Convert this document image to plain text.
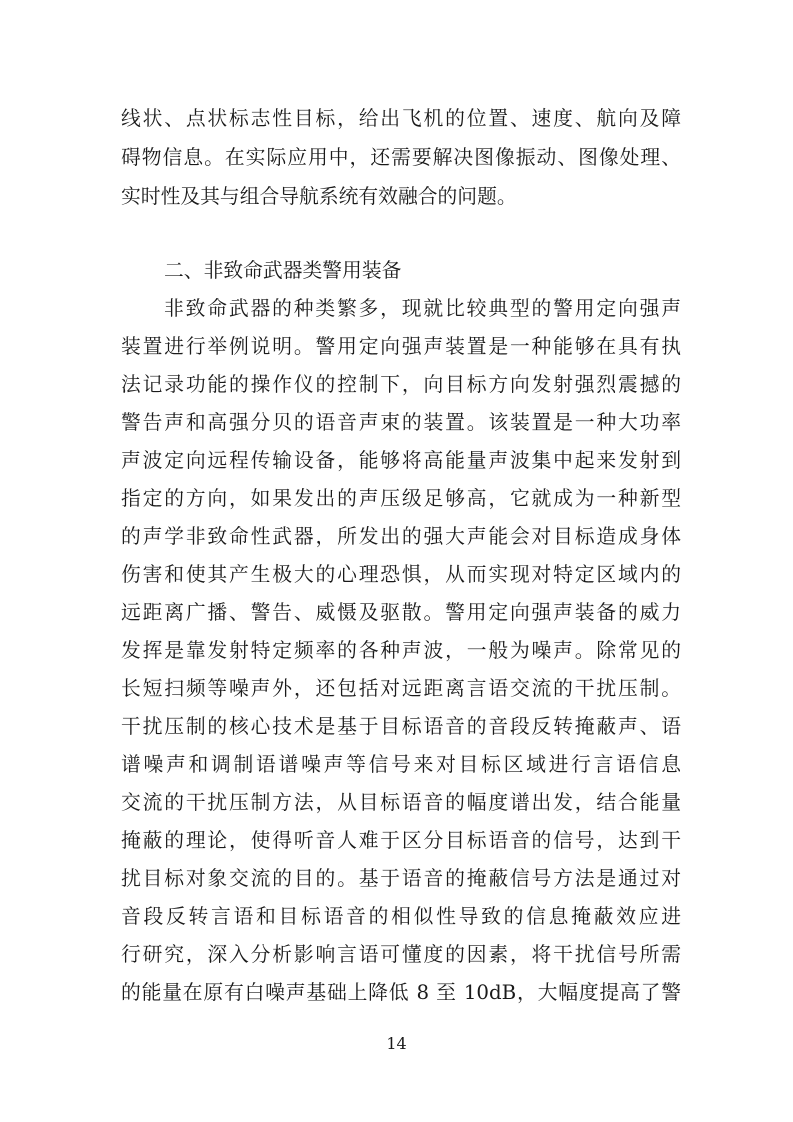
线状、点状标志性目标，给出飞机的位置、速度、航向及障
碍物信息。在实际应用中，还需要解决图像振动、图像处理、
实时性及其与组合导航系统有效融合的问题。
二、非致命武器类警用装备
非致命武器的种类繁多，现就比较典型的警用定向强声
装置进行举例说明。警用定向强声装置是一种能够在具有执
法记录功能的操作仪的控制下，向目标方向发射强烈震撼的
警告声和高强分贝的语音声束的装置。该装置是一种大功率
声波定向远程传输设备，能够将高能量声波集中起来发射到
指定的方向，如果发出的声压级足够高，它就成为一种新型
的声学非致命性武器，所发出的强大声能会对目标造成身体
伤害和使其产生极大的心理恐惧，从而实现对特定区域内的
远距离广播、警告、威慑及驱散。警用定向强声装备的威力
发挥是靠发射特定频率的各种声波，一般为噪声。除常见的
长短扫频等噪声外，还包括对远距离言语交流的干扰压制。
干扰压制的核心技术是基于目标语音的音段反转掩蔽声、语
谱噪声和调制语谱噪声等信号来对目标区域进行言语信息
交流的干扰压制方法，从目标语音的幅度谱出发，结合能量
掩蔽的理论，使得听音人难于区分目标语音的信号，达到干
扰目标对象交流的目的。基于语音的掩蔽信号方法是通过对
音段反转言语和目标语音的相似性导致的信息掩蔽效应进
行研究，深入分析影响言语可懂度的因素，将干扰信号所需
的能量在原有白噪声基础上降低 8 至 10dB，大幅度提高了警
14
